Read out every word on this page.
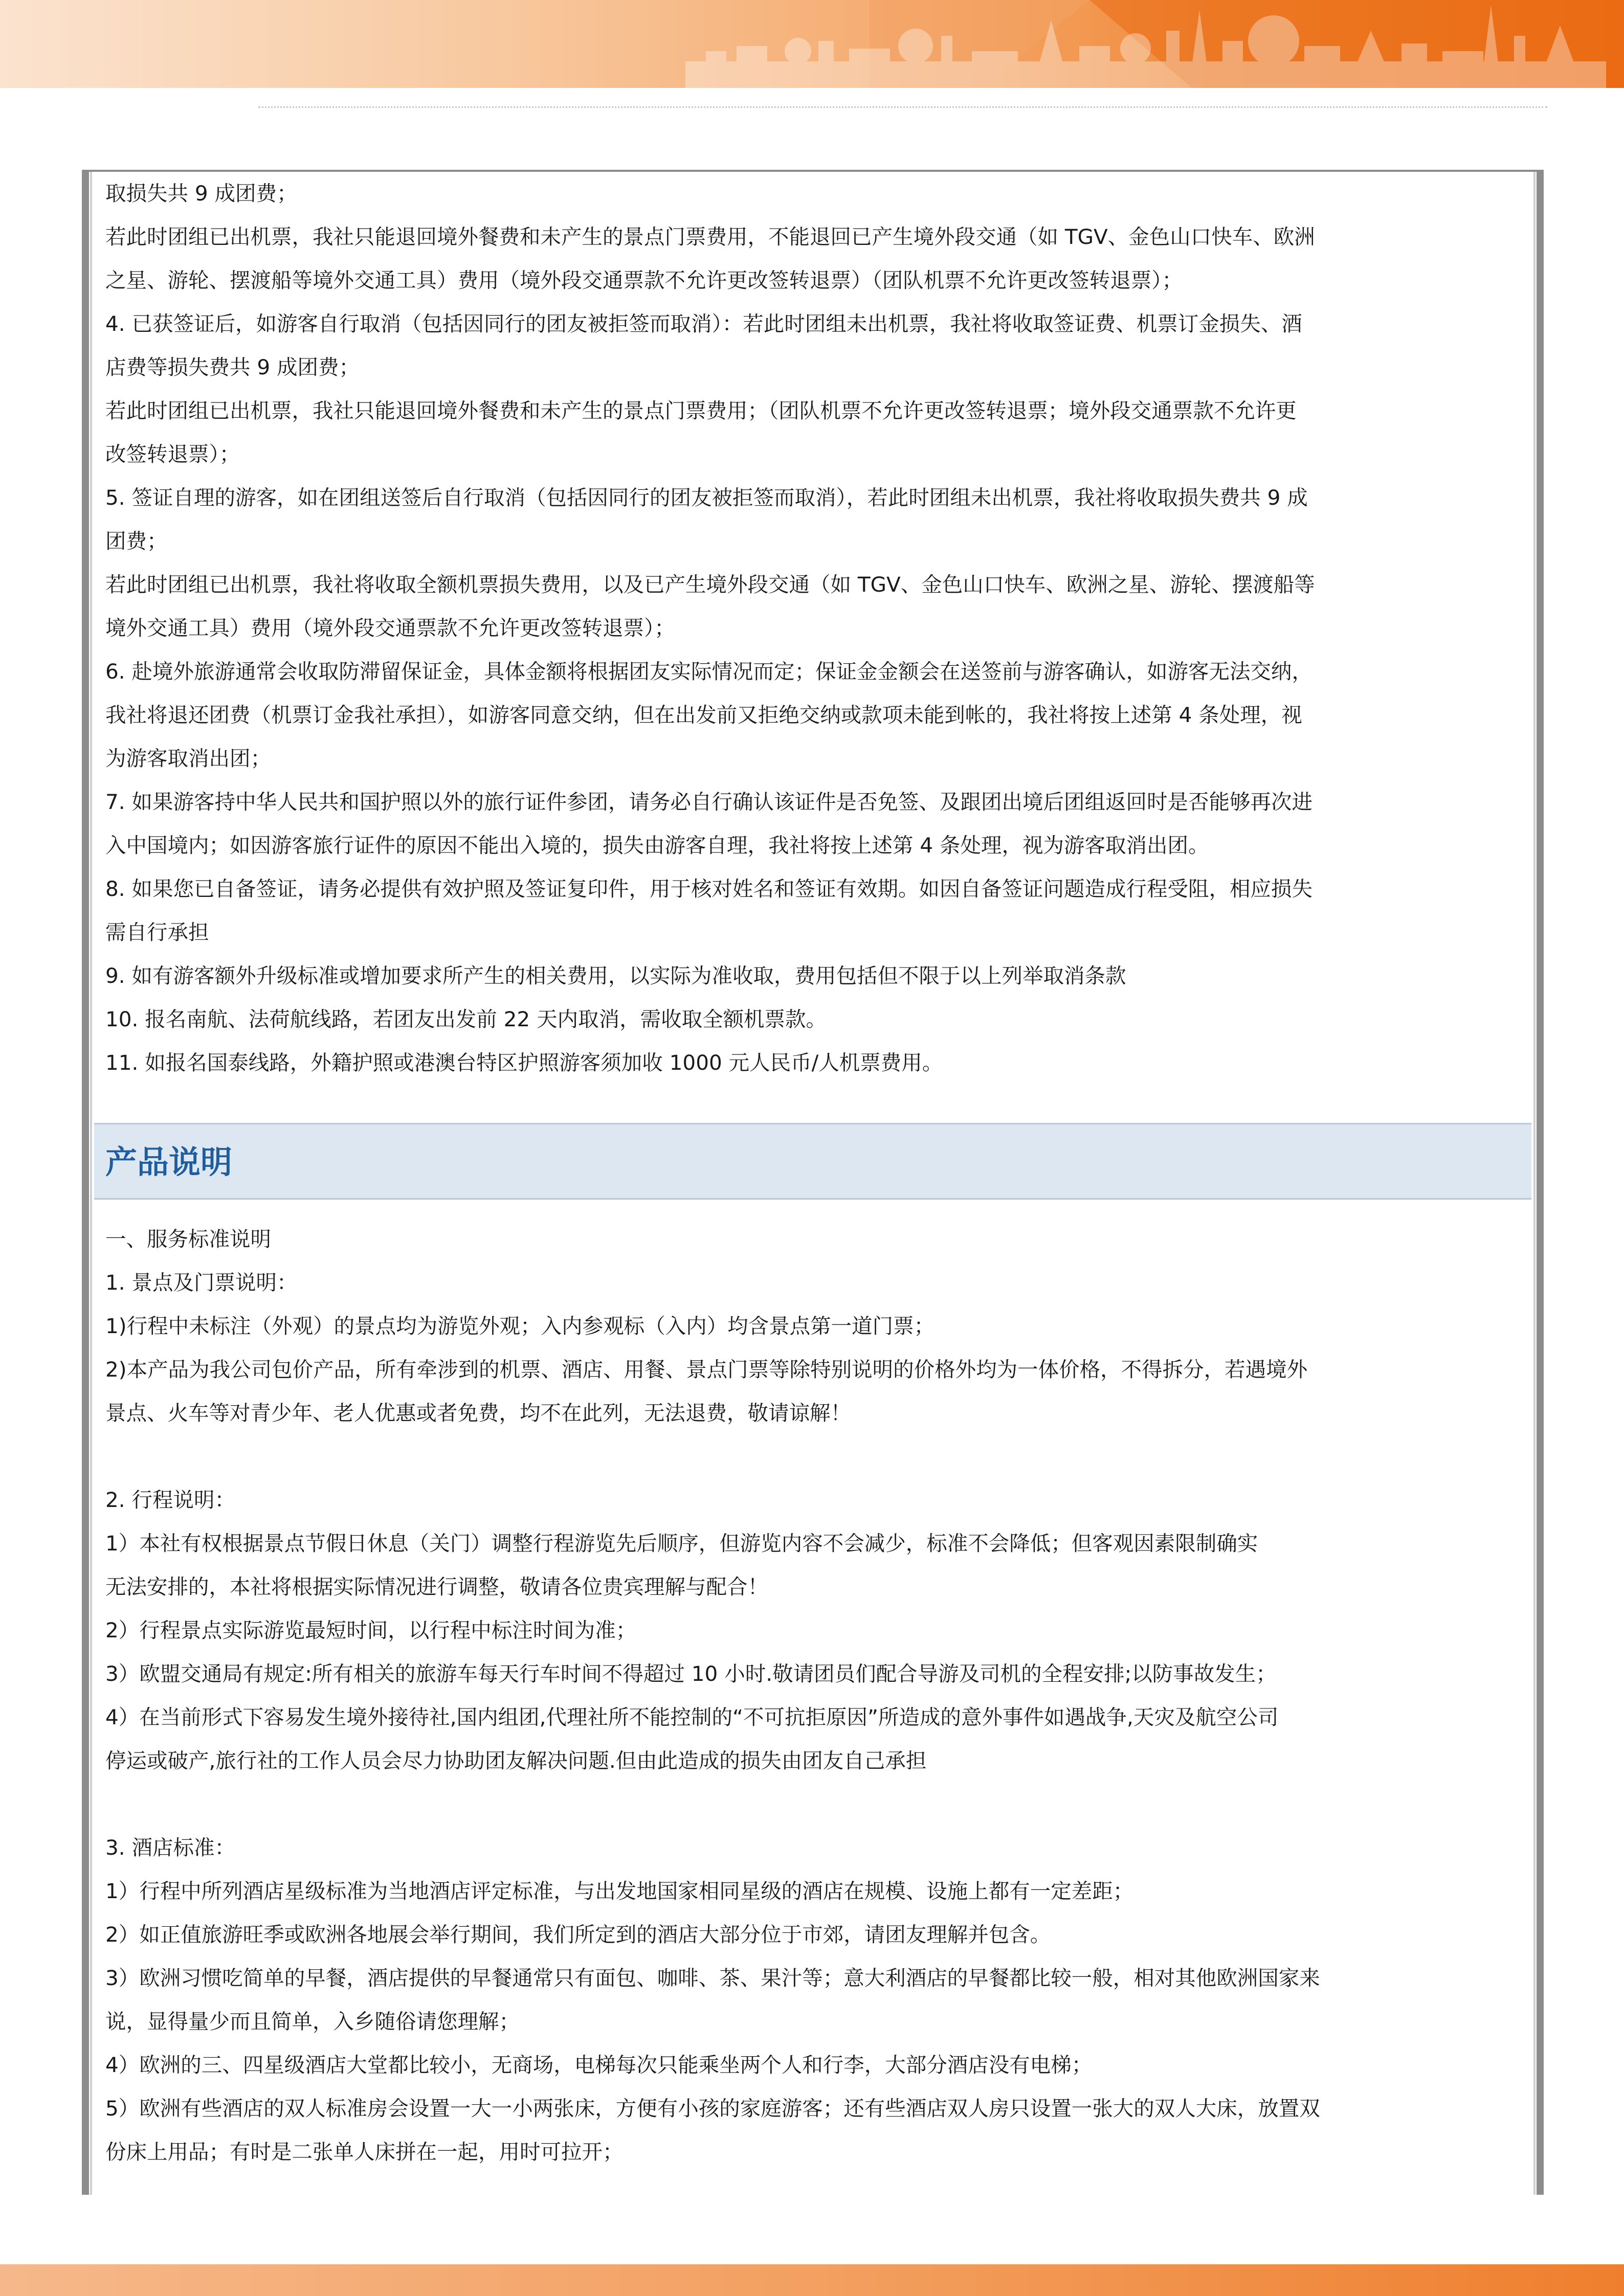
取损失共 9 成团费；

若此时团组已出机票，我社只能退回境外餐费和未产生的景点门票费用，不能退回已产生境外段交通（如 TGV、金色山口快车、欧洲

之星、游轮、摆渡船等境外交通工具）费用（境外段交通票款不允许更改签转退票）（团队机票不允许更改签转退票）；

4. 已获签证后，如游客自行取消（包括因同行的团友被拒签而取消）：若此时团组未出机票，我社将收取签证费、机票订金损失、酒

店费等损失费共 9 成团费；

若此时团组已出机票，我社只能退回境外餐费和未产生的景点门票费用；（团队机票不允许更改签转退票；境外段交通票款不允许更

改签转退票）；

5. 签证自理的游客，如在团组送签后自行取消（包括因同行的团友被拒签而取消），若此时团组未出机票，我社将收取损失费共 9 成

团费；

若此时团组已出机票，我社将收取全额机票损失费用，以及已产生境外段交通（如 TGV、金色山口快车、欧洲之星、游轮、摆渡船等

境外交通工具）费用（境外段交通票款不允许更改签转退票）；

6. 赴境外旅游通常会收取防滞留保证金，具体金额将根据团友实际情况而定；保证金金额会在送签前与游客确认，如游客无法交纳，

我社将退还团费（机票订金我社承担），如游客同意交纳，但在出发前又拒绝交纳或款项未能到帐的，我社将按上述第 4 条处理，视

为游客取消出团；

7. 如果游客持中华人民共和国护照以外的旅行证件参团，请务必自行确认该证件是否免签、及跟团出境后团组返回时是否能够再次进

入中国境内；如因游客旅行证件的原因不能出入境的，损失由游客自理，我社将按上述第 4 条处理，视为游客取消出团。

8. 如果您已自备签证，请务必提供有效护照及签证复印件，用于核对姓名和签证有效期。如因自备签证问题造成行程受阻，相应损失

需自行承担

9. 如有游客额外升级标准或增加要求所产生的相关费用，以实际为准收取，费用包括但不限于以上列举取消条款

10. 报名南航、法荷航线路，若团友出发前 22 天内取消，需收取全额机票款。

11. 如报名国泰线路，外籍护照或港澳台特区护照游客须加收 1000 元人民币/人机票费用。

产品说明

一、服务标准说明

1. 景点及门票说明：

1)行程中未标注（外观）的景点均为游览外观；入内参观标（入内）均含景点第一道门票；

2)本产品为我公司包价产品，所有牵涉到的机票、酒店、用餐、景点门票等除特别说明的价格外均为一体价格，不得拆分，若遇境外

景点、火车等对青少年、老人优惠或者免费，均不在此列，无法退费，敬请谅解！

2. 行程说明：

1）本社有权根据景点节假日休息（关门）调整行程游览先后顺序，但游览内容不会减少，标准不会降低；但客观因素限制确实

无法安排的，本社将根据实际情况进行调整，敬请各位贵宾理解与配合！

2）行程景点实际游览最短时间，以行程中标注时间为准；

3）欧盟交通局有规定:所有相关的旅游车每天行车时间不得超过 10 小时.敬请团员们配合导游及司机的全程安排;以防事故发生；

4）在当前形式下容易发生境外接待社,国内组团,代理社所不能控制的“不可抗拒原因”所造成的意外事件如遇战争,天灾及航空公司

停运或破产,旅行社的工作人员会尽力协助团友解决问题.但由此造成的损失由团友自己承担

3. 酒店标准：

1）行程中所列酒店星级标准为当地酒店评定标准，与出发地国家相同星级的酒店在规模、设施上都有一定差距；

2）如正值旅游旺季或欧洲各地展会举行期间，我们所定到的酒店大部分位于市郊，请团友理解并包含。

3）欧洲习惯吃简单的早餐，酒店提供的早餐通常只有面包、咖啡、茶、果汁等；意大利酒店的早餐都比较一般，相对其他欧洲国家来

说，显得量少而且简单，入乡随俗请您理解；

4）欧洲的三、四星级酒店大堂都比较小，无商场，电梯每次只能乘坐两个人和行李，大部分酒店没有电梯；

5）欧洲有些酒店的双人标准房会设置一大一小两张床，方便有小孩的家庭游客；还有些酒店双人房只设置一张大的双人大床，放置双

份床上用品；有时是二张单人床拼在一起，用时可拉开；
